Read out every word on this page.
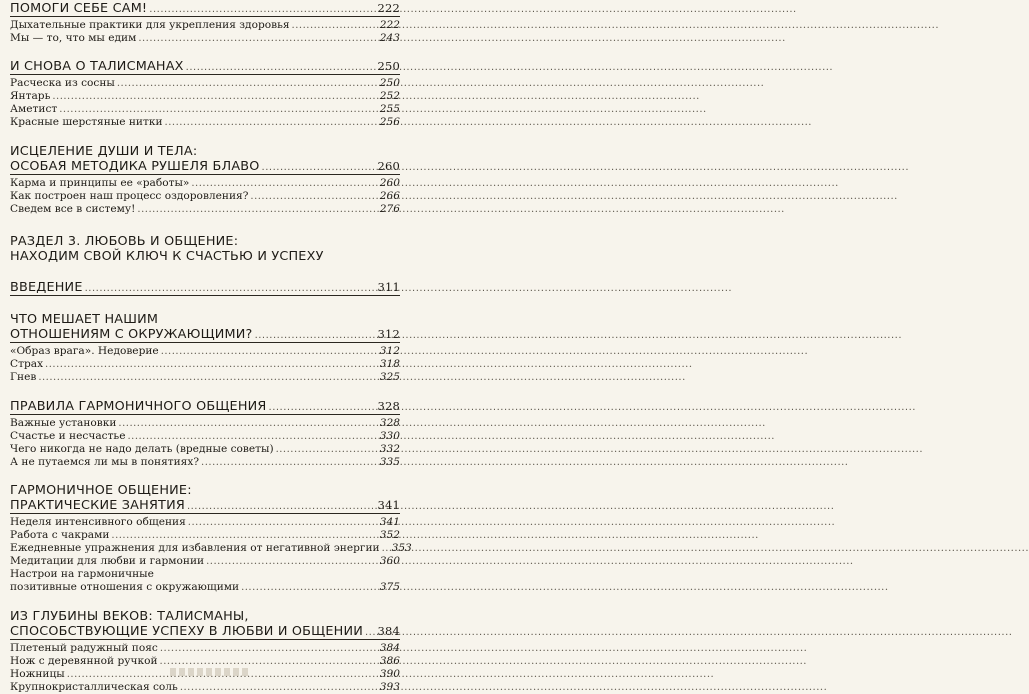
ПОМОГИ СЕБЕ САМ! .....	222
Дыхательные практики для укрепления здоровья .....	222
Мы — то, что мы едим .....	243
И СНОВА О ТАЛИСМАНАХ .....	250
Расческа из сосны .....	250
Янтарь .....	252
Аметист .....	255
Красные шерстяные нитки .....	256
ИСЦЕЛЕНИЕ ДУШИ И ТЕЛА:
ОСОБАЯ МЕТОДИКА РУШЕЛЯ БЛАВО .....	260
Карма и принципы ее «работы» .....	260
Как построен наш процесс оздоровления? .....	266
Сведем все в систему! .....	276
РАЗДЕЛ 3. ЛЮБОВЬ И ОБЩЕНИЕ:
НАХОДИМ СВОЙ КЛЮЧ К СЧАСТЬЮ И УСПЕХУ
ВВЕДЕНИЕ .....	311
ЧТО МЕШАЕТ НАШИМ
ОТНОШЕНИЯМ С ОКРУЖАЮЩИМИ? .....	312
«Образ врага». Недоверие .....	312
Страх .....	318
Гнев .....	325
ПРАВИЛА ГАРМОНИЧНОГО ОБЩЕНИЯ .....	328
Важные установки .....	328
Счастье и несчастье .....	330
Чего никогда не надо делать (вредные советы) .....	332
А не путаемся ли мы в понятиях? .....	335
ГАРМОНИЧНОЕ ОБЩЕНИЕ:
ПРАКТИЧЕСКИЕ ЗАНЯТИЯ .....	341
Неделя интенсивного общения .....	341
Работа с чакрами .....	352
Ежедневные упражнения для избавления от негативной энергии ..... 353
Медитации для любви и гармонии .....	360
Настрои на гармоничные
позитивные отношения с окружающими .....	375
ИЗ ГЛУБИНЫ ВЕКОВ: ТАЛИСМАНЫ,
СПОСОБСТВУЮЩИЕ УСПЕХУ В ЛЮБВИ И ОБЩЕНИИ ..... 384
Плетеный радужный пояс .....	384
Нож с деревянной ручкой .....	386
Ножницы .....	390
Крупнокристаллическая соль .....	393
